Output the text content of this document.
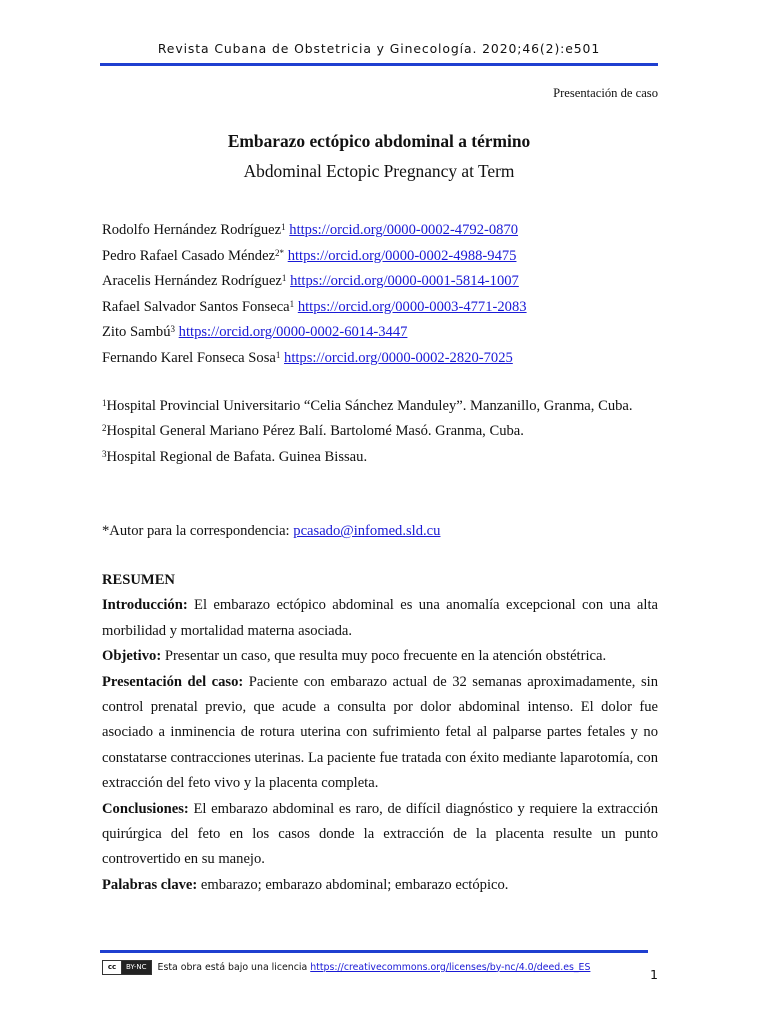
Revista Cubana de Obstetricia y Ginecología. 2020;46(2):e501
Presentación de caso
Embarazo ectópico abdominal a término
Abdominal Ectopic Pregnancy at Term
Rodolfo Hernández Rodríguez$^1$ https://orcid.org/0000-0002-4792-0870
Pedro Rafael Casado Méndez$^{2*}$ https://orcid.org/0000-0002-4988-9475
Aracelis Hernández Rodríguez$^1$ https://orcid.org/0000-0001-5814-1007
Rafael Salvador Santos Fonseca$^1$ https://orcid.org/0000-0003-4771-2083
Zito Sambú$^3$ https://orcid.org/0000-0002-6014-3447
Fernando Karel Fonseca Sosa$^1$ https://orcid.org/0000-0002-2820-7025
$^1$Hospital Provincial Universitario “Celia Sánchez Manduley”. Manzanillo, Granma, Cuba.
$^2$Hospital General Mariano Pérez Balí. Bartolomé Masó. Granma, Cuba.
$^3$Hospital Regional de Bafata. Guinea Bissau.
*Autor para la correspondencia: pcasado@infomed.sld.cu
RESUMEN
Introducción: El embarazo ectópico abdominal es una anomalía excepcional con una alta morbilidad y mortalidad materna asociada.
Objetivo: Presentar un caso, que resulta muy poco frecuente en la atención obstétrica.
Presentación del caso: Paciente con embarazo actual de 32 semanas aproximadamente, sin control prenatal previo, que acude a consulta por dolor abdominal intenso. El dolor fue asociado a inminencia de rotura uterina con sufrimiento fetal al palparse partes fetales y no constatarse contracciones uterinas. La paciente fue tratada con éxito mediante laparotomía, con extracción del feto vivo y la placenta completa.
Conclusiones: El embarazo abdominal es raro, de difícil diagnóstico y requiere la extracción quirúrgica del feto en los casos donde la extracción de la placenta resulte un punto controvertido en su manejo.
Palabras clave: embarazo; embarazo abdominal; embarazo ectópico.
cc	BY-NC	Esta obra está bajo una licencia https://creativecommons.org/licenses/by-nc/4.0/deed.es_ES	1
